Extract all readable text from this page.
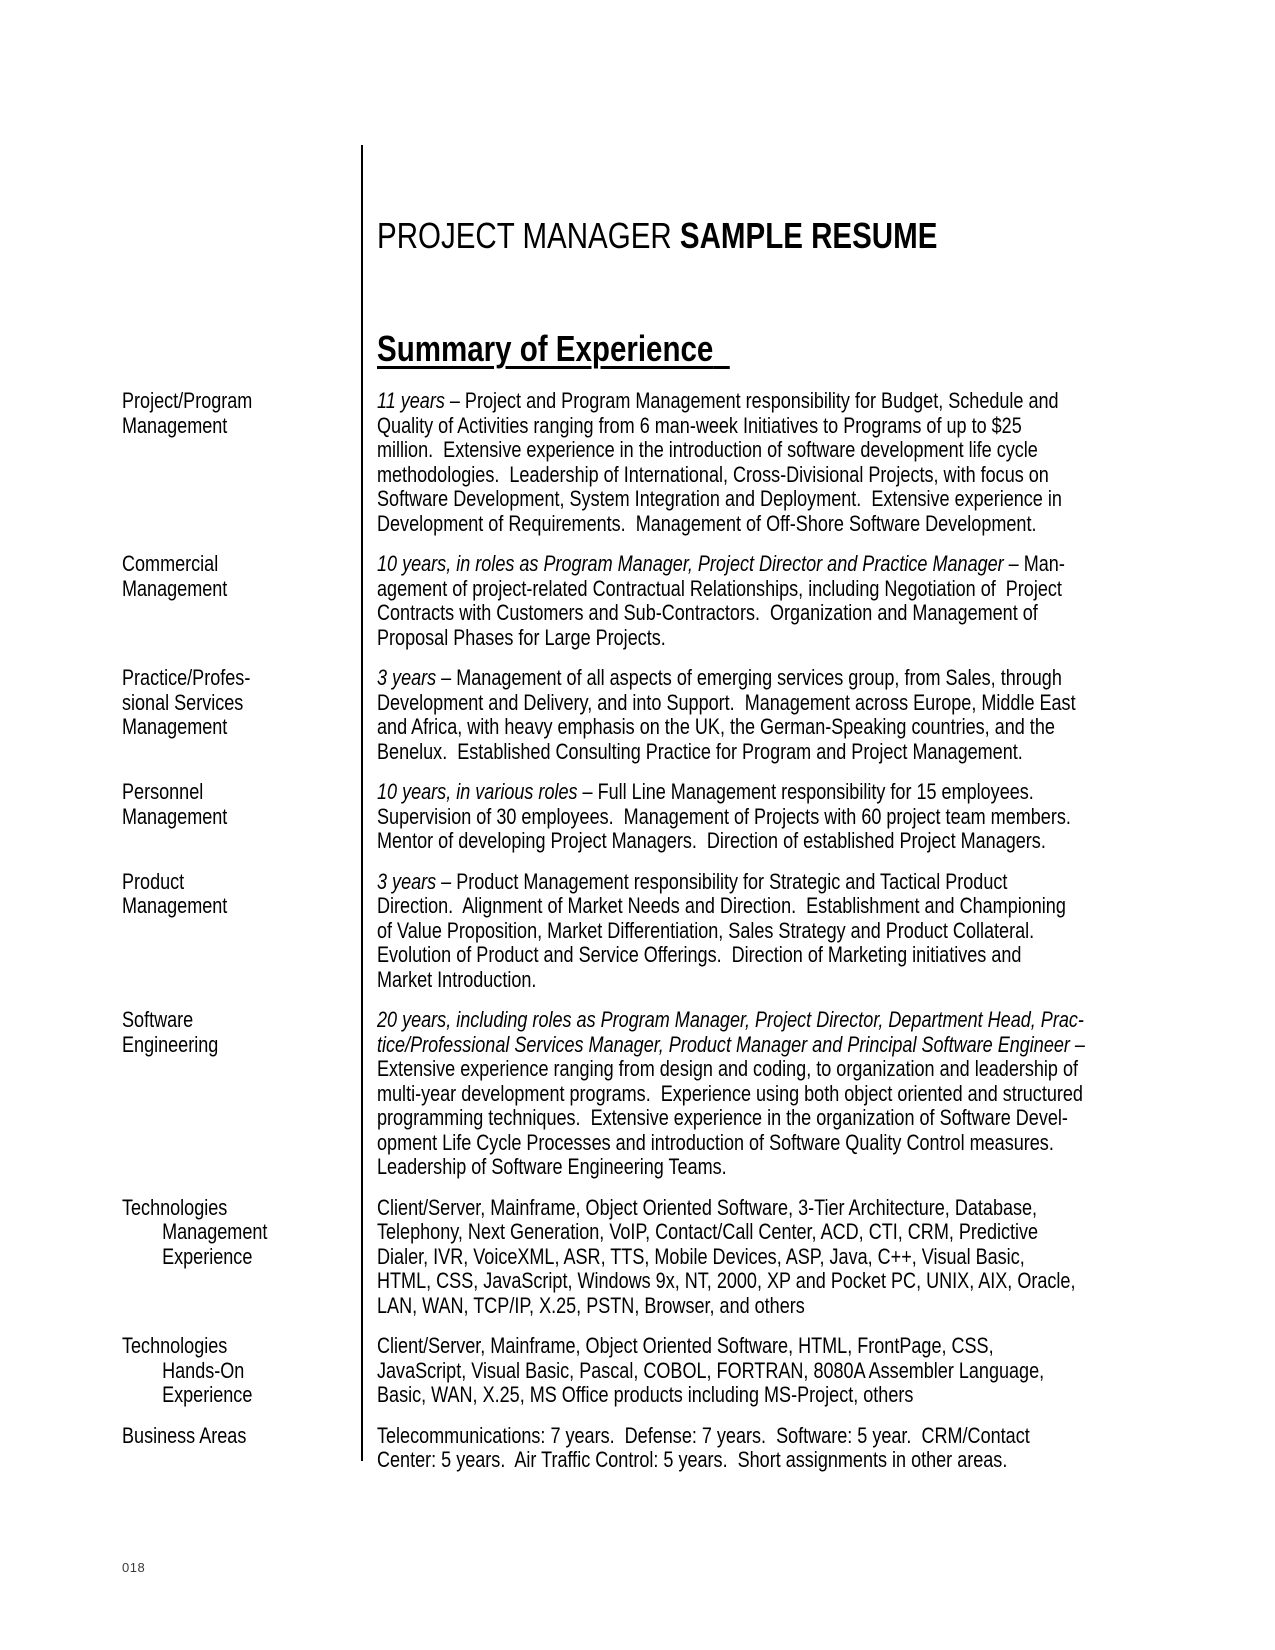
PROJECT MANAGER SAMPLE RESUME
Summary of Experience
Project/Program
Management
11 years – Project and Program Management responsibility for Budget, Schedule and
Quality of Activities ranging from 6 man-week Initiatives to Programs of up to $25
million.  Extensive experience in the introduction of software development life cycle
methodologies.  Leadership of International, Cross-Divisional Projects, with focus on
Software Development, System Integration and Deployment.  Extensive experience in
Development of Requirements.  Management of Off-Shore Software Development.
Commercial
Management
10 years, in roles as Program Manager, Project Director and Practice Manager – Man-
agement of project-related Contractual Relationships, including Negotiation of  Project
Contracts with Customers and Sub-Contractors.  Organization and Management of
Proposal Phases for Large Projects.
Practice/Profes-
sional Services
Management
3 years – Management of all aspects of emerging services group, from Sales, through
Development and Delivery, and into Support.  Management across Europe, Middle East
and Africa, with heavy emphasis on the UK, the German-Speaking countries, and the
Benelux.  Established Consulting Practice for Program and Project Management.
Personnel
Management
10 years, in various roles – Full Line Management responsibility for 15 employees.
Supervision of 30 employees.  Management of Projects with 60 project team members.
Mentor of developing Project Managers.  Direction of established Project Managers.
Product
Management
3 years – Product Management responsibility for Strategic and Tactical Product
Direction.  Alignment of Market Needs and Direction.  Establishment and Championing
of Value Proposition, Market Differentiation, Sales Strategy and Product Collateral.
Evolution of Product and Service Offerings.  Direction of Marketing initiatives and
Market Introduction.
Software
Engineering
20 years, including roles as Program Manager, Project Director, Department Head, Prac-
tice/Professional Services Manager, Product Manager and Principal Software Engineer –
Extensive experience ranging from design and coding, to organization and leadership of
multi-year development programs.  Experience using both object oriented and structured
programming techniques.  Extensive experience in the organization of Software Devel-
opment Life Cycle Processes and introduction of Software Quality Control measures.
Leadership of Software Engineering Teams.
Technologies
Management
Experience
Client/Server, Mainframe, Object Oriented Software, 3-Tier Architecture, Database,
Telephony, Next Generation, VoIP, Contact/Call Center, ACD, CTI, CRM, Predictive
Dialer, IVR, VoiceXML, ASR, TTS, Mobile Devices, ASP, Java, C++, Visual Basic,
HTML, CSS, JavaScript, Windows 9x, NT, 2000, XP and Pocket PC, UNIX, AIX, Oracle,
LAN, WAN, TCP/IP, X.25, PSTN, Browser, and others
Technologies
Hands-On
Experience
Client/Server, Mainframe, Object Oriented Software, HTML, FrontPage, CSS,
JavaScript, Visual Basic, Pascal, COBOL, FORTRAN, 8080A Assembler Language,
Basic, WAN, X.25, MS Office products including MS-Project, others
Business Areas	Telecommunications: 7 years.  Defense: 7 years.  Software: 5 year.  CRM/Contact
Center: 5 years.  Air Traffic Control: 5 years.  Short assignments in other areas.
018
